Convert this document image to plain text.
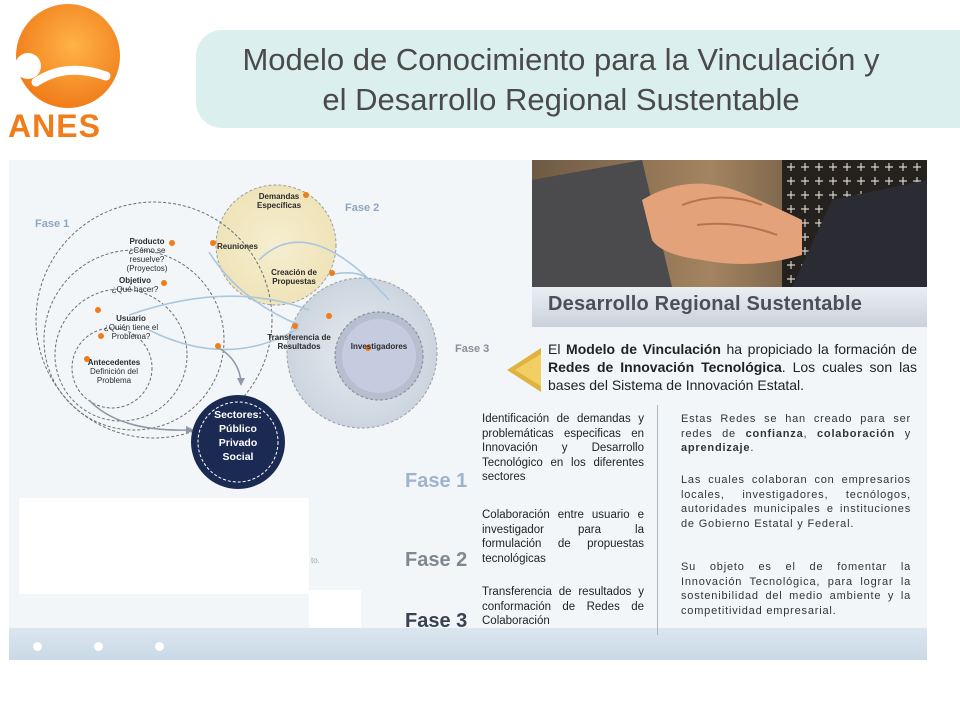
ANES
Modelo de Conocimiento para la Vinculación y
el Desarrollo Regional Sustentable
Fase 1
Fase 2
Demandas Específicas
Reuniones
Creación de Propuestas
Transferencia de Resultados	Investigadores
Producto
¿Cómo se resuelve? (Proyectos)
Objetivo
¿Qué hacer?
Usuario
¿Quién tiene el Problema?
Antecedentes
Definición del Problema
Sectores:
Público
Privado
Social
to.
Desarrollo Regional Sustentable
Fase 3	El Modelo de Vinculación ha propiciado la formación de Redes de Innovación Tecnológica. Los cuales son las bases del Sistema de Innovación Estatal.
Identificación de demandas y problemáticas especificas en Innovación y Desarrollo Tecnológico en los diferentes sectores
Fase 1
Colaboración entre usuario e investigador para la formulación de propuestas tecnológicas
Fase 2
Transferencia de resultados y conformación de Redes de Colaboración
Fase 3
Estas Redes se han creado para ser redes de confianza, colaboración y aprendizaje.
Las cuales colaboran con empresarios locales, investigadores, tecnólogos, autoridades municipales e instituciones de Gobierno Estatal y Federal.
Su objeto es el de fomentar la Innovación Tecnológica, para lograr la sostenibilidad del medio ambiente y la competitividad empresarial.
